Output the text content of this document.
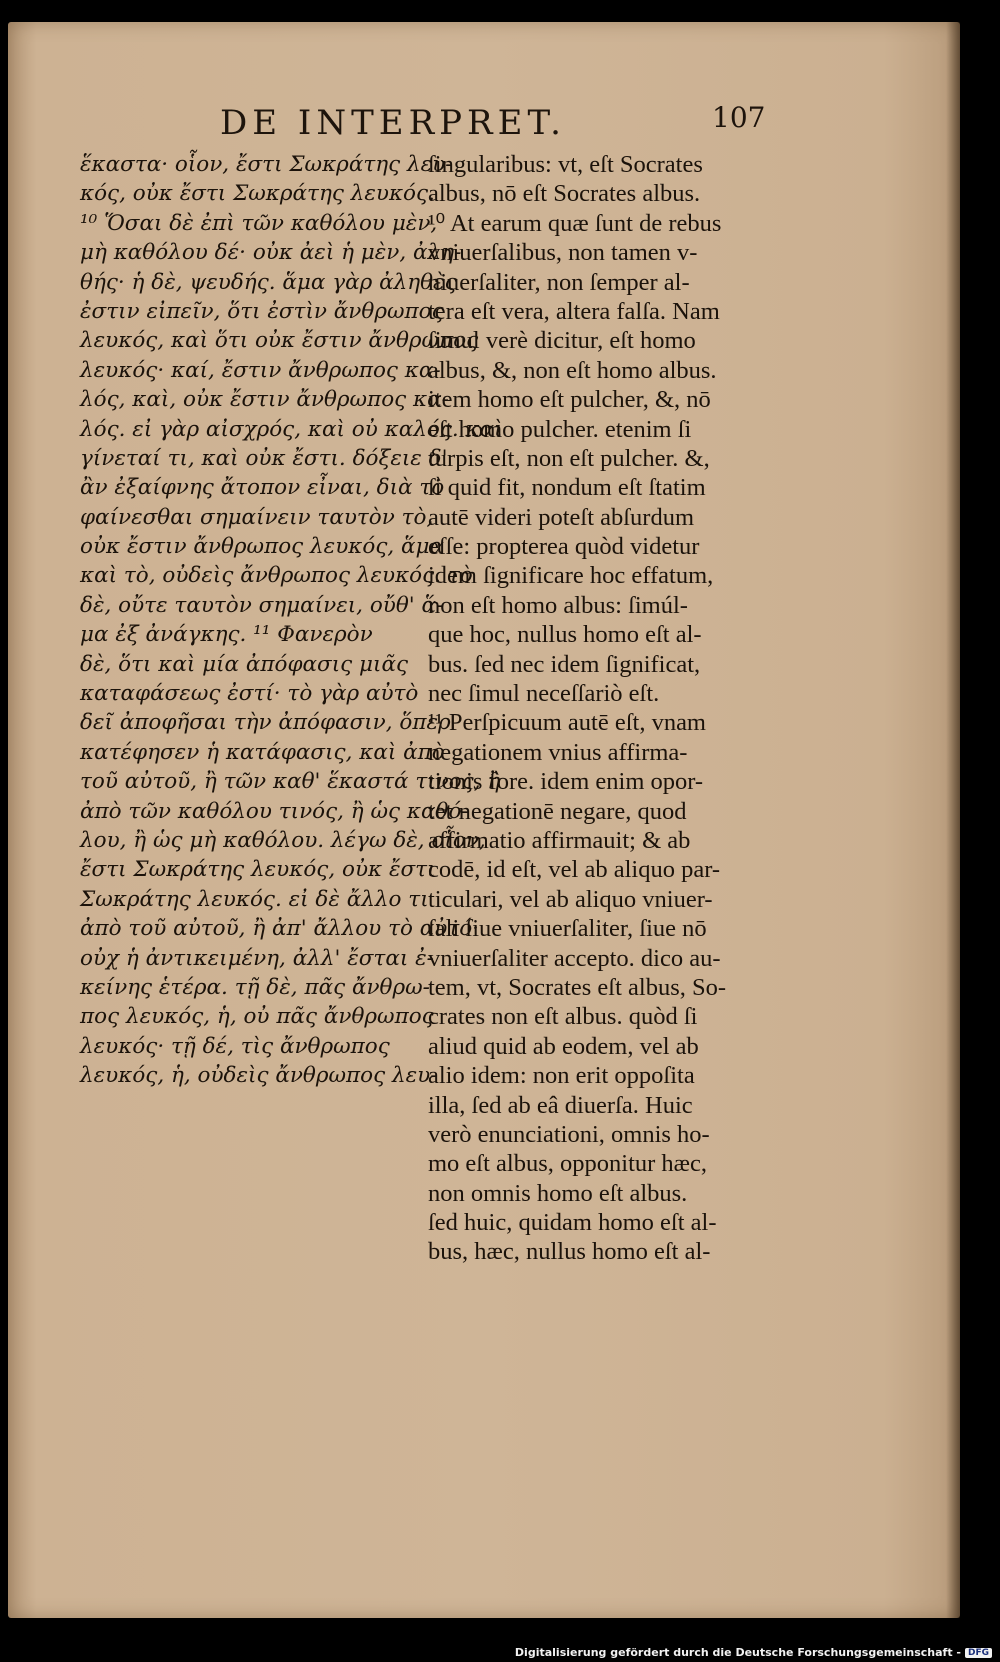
DE INTERPRET.	107
ἕκαστα· οἷον, ἔστι Σωκράτης λευ-
κός, οὐκ ἔστι Σωκράτης λευκός.
¹⁰ Ὅσαι δὲ ἐπὶ τῶν καθόλου μὲν,
μὴ καθόλου δέ· οὐκ ἀεὶ ἡ μὲν, ἀλη-
θής· ἡ δὲ, ψευδής. ἅμα γὰρ ἀληθὲς
ἐστιν εἰπεῖν, ὅτι ἐστὶν ἄνθρωπος
λευκός, καὶ ὅτι οὐκ ἔστιν ἄνθρωπος
λευκός· καί, ἔστιν ἄνθρωπος κα-
λός, καὶ, οὐκ ἔστιν ἄνθρωπος κα-
λός. εἰ γὰρ αἰσχρός, καὶ οὐ καλός. καὶ
γίνεταί τι, καὶ οὐκ ἔστι. δόξειε δ'
ἂν ἐξαίφνης ἄτοπον εἶναι, διὰ τὸ
φαίνεσθαι σημαίνειν ταυτὸν τὸ,
οὐκ ἔστιν ἄνθρωπος λευκός, ἅμα
καὶ τὸ, οὐδεὶς ἄνθρωπος λευκός. τὸ
δὲ, οὔτε ταυτὸν σημαίνει, οὔθ' ἅ-
μα ἐξ ἀνάγκης. ¹¹ Φανερὸν
δὲ, ὅτι καὶ μία ἀπόφασις μιᾶς
καταφάσεως ἐστί· τὸ γὰρ αὐτὸ
δεῖ ἀποφῆσαι τὴν ἀπόφασιν, ὅπερ
κατέφησεν ἡ κατάφασις, καὶ ἀπὸ
τοῦ αὐτοῦ, ἢ τῶν καθ' ἕκαστά τινος, ἢ
ἀπὸ τῶν καθόλου τινός, ἢ ὡς καθό-
λου, ἢ ὡς μὴ καθόλου. λέγω δὲ, οἷον,
ἔστι Σωκράτης λευκός, οὐκ ἔστι
Σωκράτης λευκός. εἰ δὲ ἄλλο τι
ἀπὸ τοῦ αὐτοῦ, ἢ ἀπ' ἄλλου τὸ αὐτό·
οὐχ ἡ ἀντικειμένη, ἀλλ' ἔσται ἐ-
κείνης ἑτέρα. τῇ δὲ, πᾶς ἄνθρω-
πος λευκός, ἡ, οὐ πᾶς ἄνθρωπος
λευκός· τῇ δέ, τὶς ἄνθρωπος
λευκός, ἡ, οὐδεὶς ἄνθρωπος λευ-
ſingularibus: vt, eſt Socrates
albus, nō eſt Socrates albus.
¹⁰ At earum quæ ſunt de rebus
vniuerſalibus, non tamen v-
niuerſaliter, non ſemper al-
tera eſt vera, altera falſa. Nam
ſimul verè dicitur, eſt homo
albus, &, non eſt homo albus.
item homo eſt pulcher, &, nō
eſt homo pulcher. etenim ſi
turpis eſt, non eſt pulcher. &,
ſi quid fit, nondum eſt ſtatim
autē videri poteſt abſurdum
eſſe: propterea quòd videtur
idem ſignificare hoc effatum,
non eſt homo albus: ſimúl-
que hoc, nullus homo eſt al-
bus. ſed nec idem ſignificat,
nec ſimul neceſſariò eſt.
¹¹ Perſpicuum autē eſt, vnam
negationem vnius affirma-
tionis fore. idem enim opor-
tet negationē negare, quod
affirmatio affirmauit; & ab
codē, id eſt, vel ab aliquo par-
ticulari, vel ab aliquo vniuer-
ſali ſiue vniuerſaliter, ſiue nō
vniuerſaliter accepto. dico au-
tem, vt, Socrates eſt albus, So-
crates non eſt albus. quòd ſi
aliud quid ab eodem, vel ab
alio idem: non erit oppoſita
illa, ſed ab eâ diuerſa. Huic
verò enunciationi, omnis ho-
mo eſt albus, opponitur hæc,
non omnis homo eſt albus.
ſed huic, quidam homo eſt al-
bus, hæc, nullus homo eſt al-
Digitalisierung gefördert durch die Deutsche Forschungsgemeinschaft - DFG
